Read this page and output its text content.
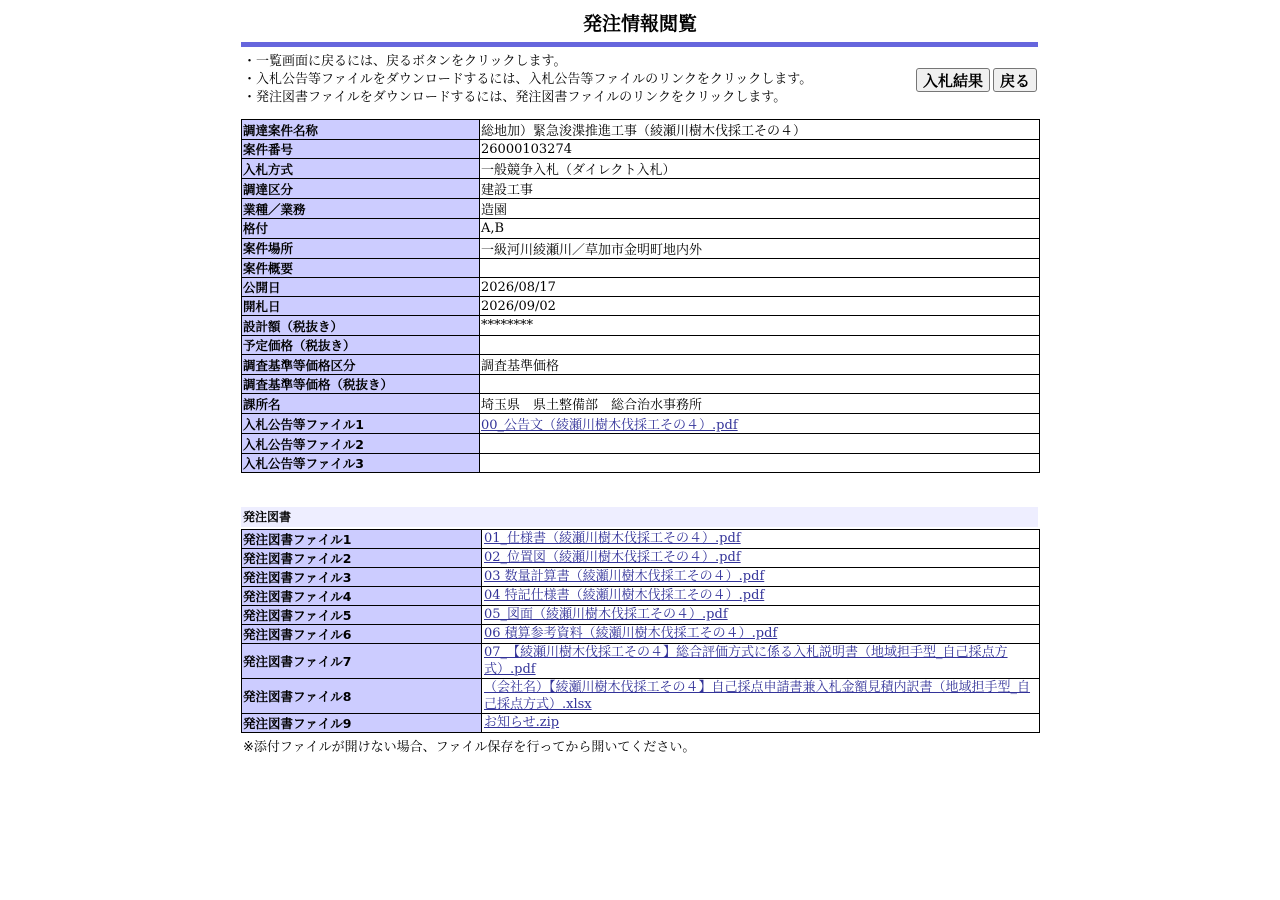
発注情報閲覧
・一覧画面に戻るには、戻るボタンをクリックします。
・入札公告等ファイルをダウンロードするには、入札公告等ファイルのリンクをクリックします。
・発注図書ファイルをダウンロードするには、発注図書ファイルのリンクをクリックします。
入札結果	戻る
調達案件名称	総地加）緊急浚渫推進工事（綾瀬川樹木伐採工その４）
案件番号	26000103274
入札方式	一般競争入札（ダイレクト入札）
調達区分	建設工事
業種／業務	造園
格付	A,B
案件場所	一級河川綾瀬川／草加市金明町地内外
案件概要	
公開日	2026/08/17
開札日	2026/09/02
設計額（税抜き）	********
予定価格（税抜き）	
調査基準等価格区分	調査基準価格
調査基準等価格（税抜き）	
課所名	埼玉県　県土整備部　総合治水事務所
入札公告等ファイル1	00_公告文（綾瀬川樹木伐採工その４）.pdf
入札公告等ファイル2	
入札公告等ファイル3	
発注図書
発注図書ファイル1	01_仕様書（綾瀬川樹木伐採工その４）.pdf
発注図書ファイル2	02_位置図（綾瀬川樹木伐採工その４）.pdf
発注図書ファイル3	03 数量計算書（綾瀬川樹木伐採工その４）.pdf
発注図書ファイル4	04 特記仕様書（綾瀬川樹木伐採工その４）.pdf
発注図書ファイル5	05_図面（綾瀬川樹木伐採工その４）.pdf
発注図書ファイル6	06 積算参考資料（綾瀬川樹木伐採工その４）.pdf
発注図書ファイル7	07_【綾瀬川樹木伐採工その４】総合評価方式に係る入札説明書（地域担手型_自己採点方式）.pdf
発注図書ファイル8	（会社名）【綾瀬川樹木伐採工その４】自己採点申請書兼入札金額見積内訳書（地域担手型_自己採点方式）.xlsx
発注図書ファイル9	お知らせ.zip
※添付ファイルが開けない場合、ファイル保存を行ってから開いてください。
